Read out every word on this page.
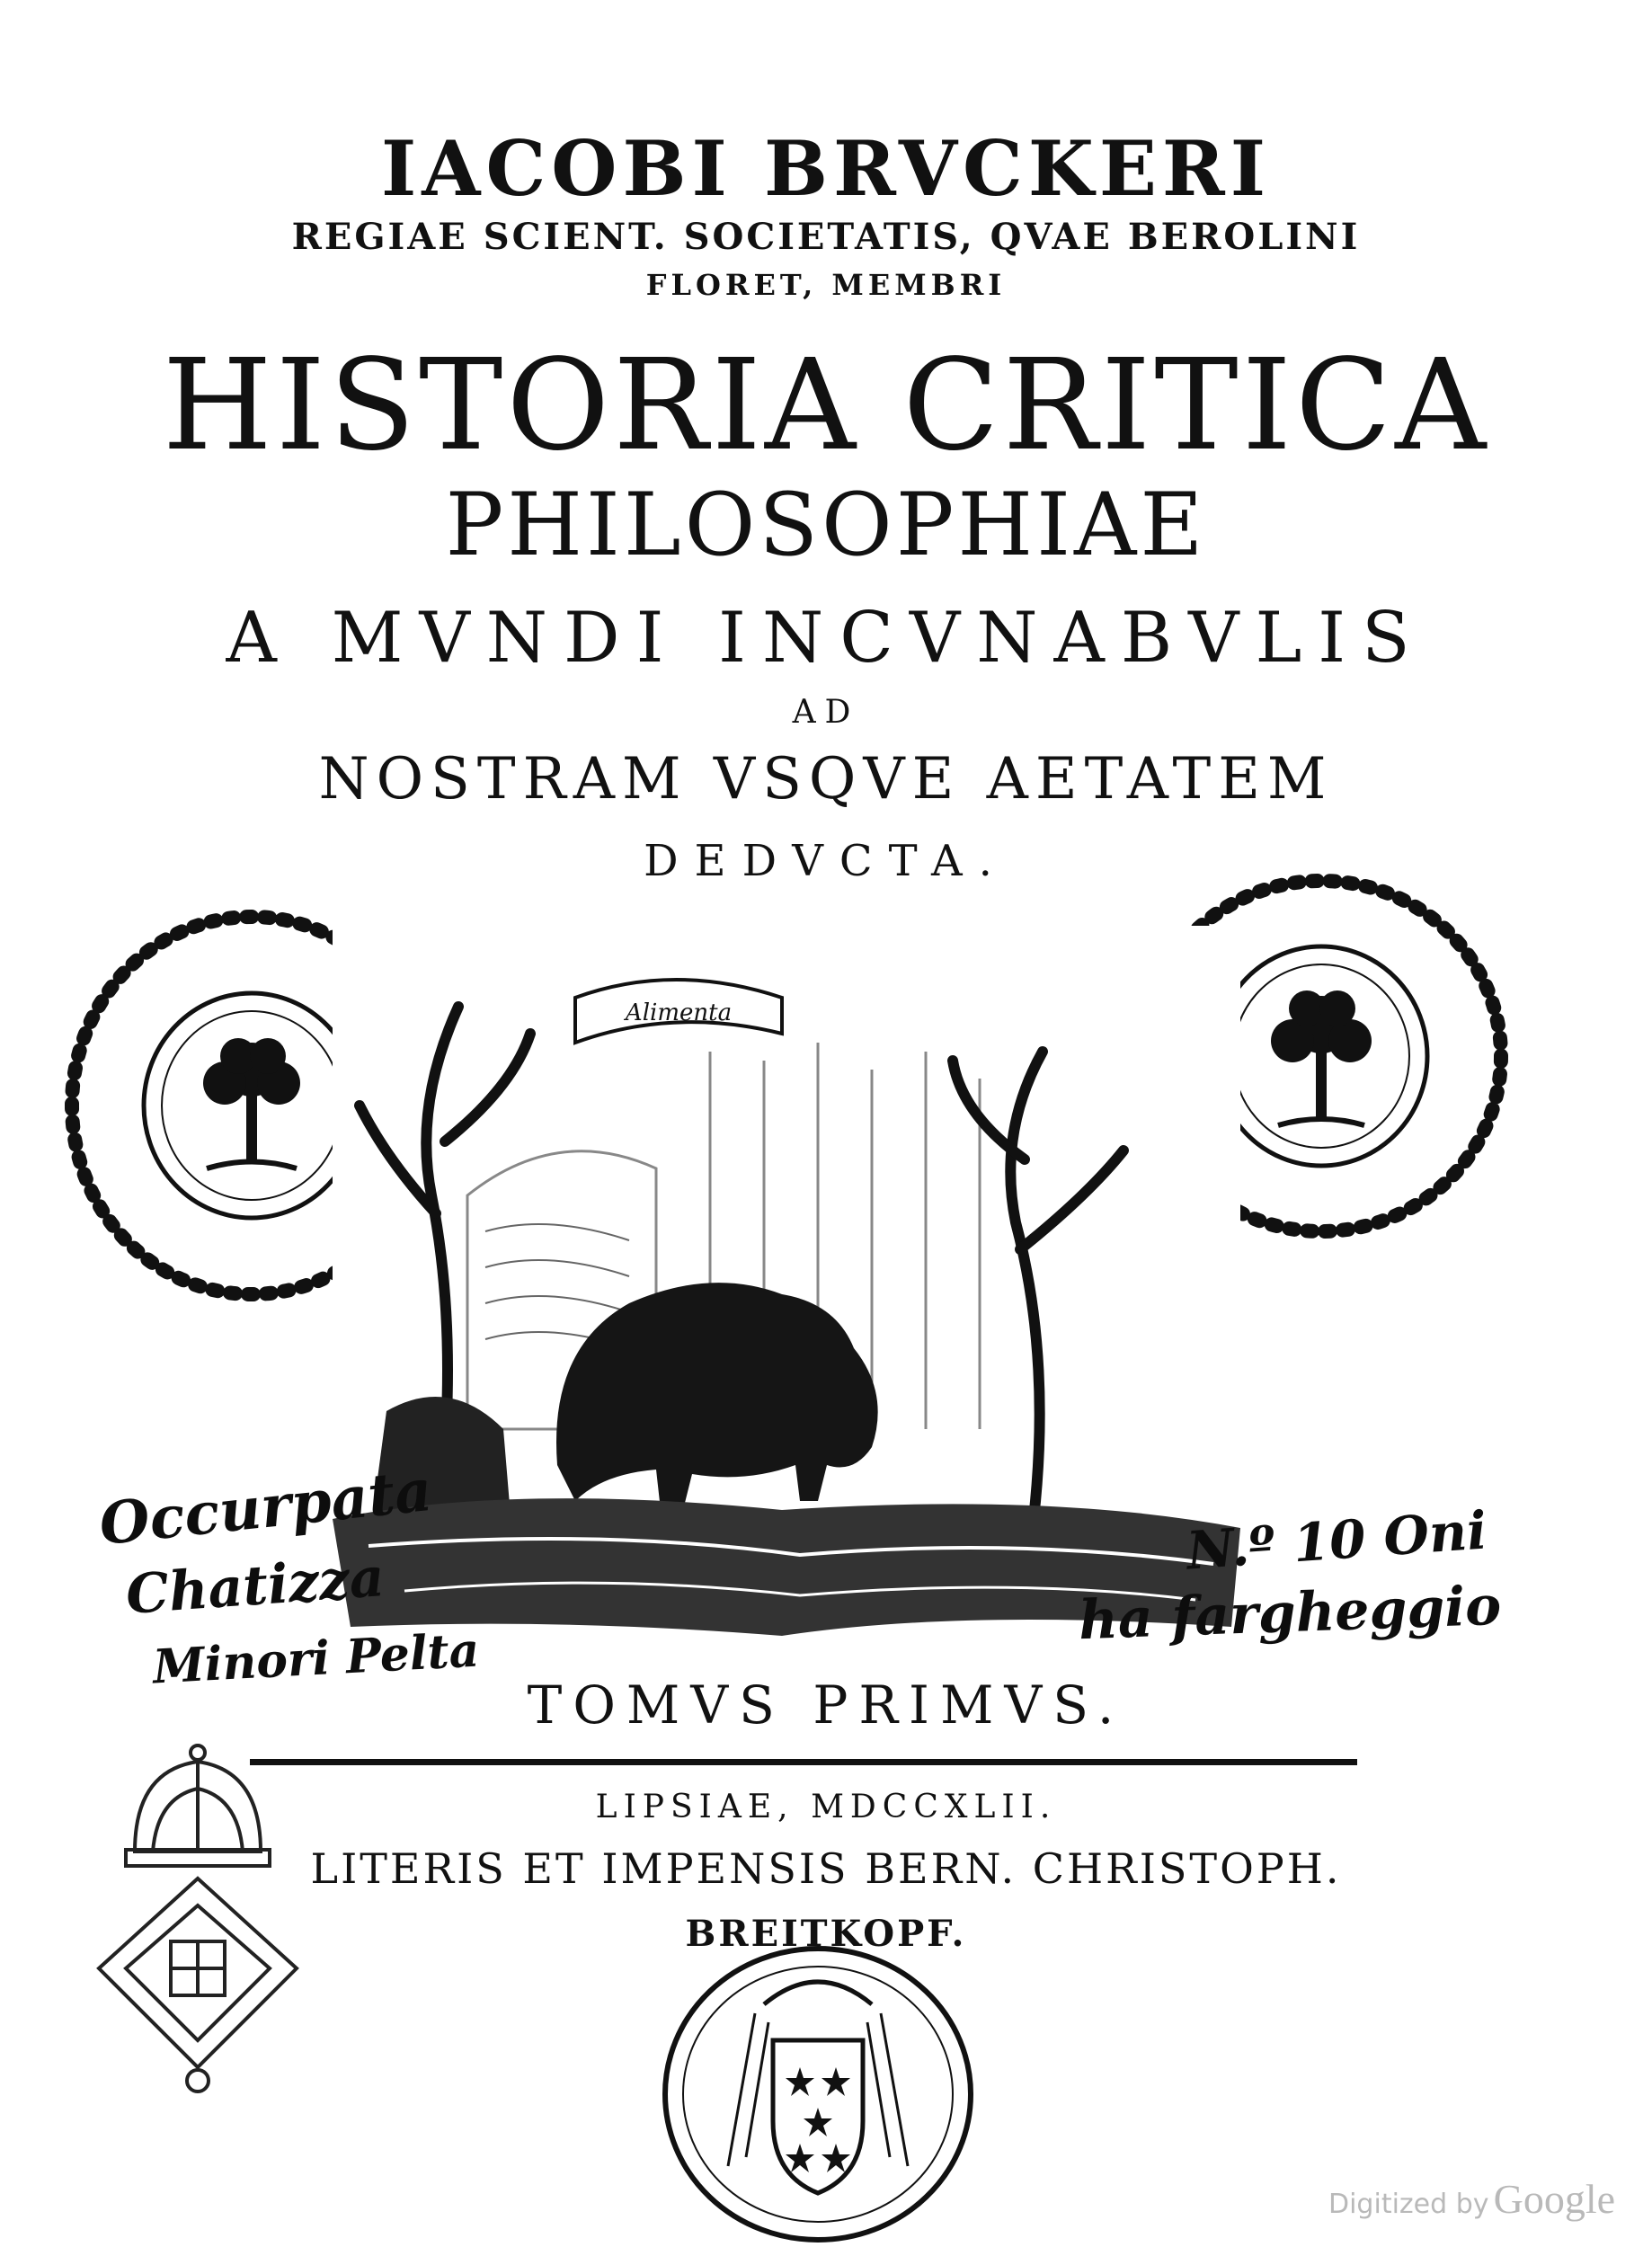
IACOBI BRVCKERI
REGIAE SCIENT. SOCIETATIS, QVAE BEROLINI
FLORET, MEMBRI
HISTORIA CRITICA
PHILOSOPHIAE
A MVNDI INCVNABVLIS
AD
NOSTRAM VSQVE AETATEM
DEDVCTA.
Alimenta
Occurpata
Chatizza
Minori Pelta
N.º 10 Oni
ha fargheggio
TOMVS PRIMVS.
LIPSIAE, MDCCXLII.
LITERIS ET IMPENSIS BERN. CHRISTOPH.
BREITKOPF.
Digitized by Google
